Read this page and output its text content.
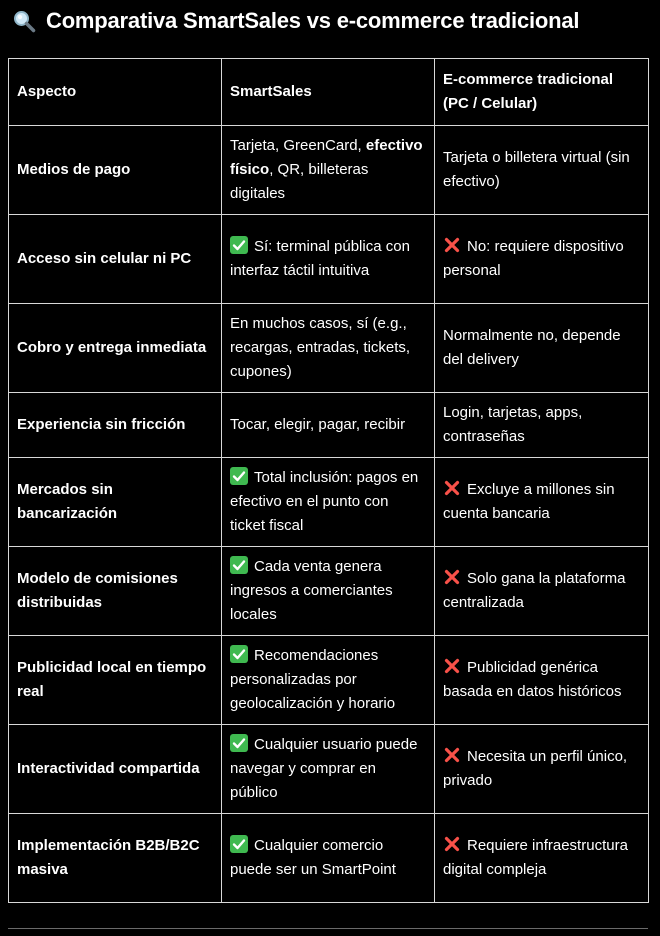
Comparativa SmartSales vs e-commerce tradicional
Aspecto	SmartSales	E-commerce tradicional (PC / Celular)
Medios de pago	Tarjeta, GreenCard, efectivo físico, QR, billeteras digitales	Tarjeta o billetera virtual (sin efectivo)
Acceso sin celular ni PC	Sí: terminal pública con interfaz táctil intuitiva	No: requiere dispositivo personal
Cobro y entrega inmediata	En muchos casos, sí (e.g., recargas, entradas, tickets, cupones)	Normalmente no, depende del delivery
Experiencia sin fricción	Tocar, elegir, pagar, recibir	Login, tarjetas, apps, contraseñas
Mercados sin bancarización	Total inclusión: pagos en efectivo en el punto con ticket fiscal	Excluye a millones sin cuenta bancaria
Modelo de comisiones distribuidas	Cada venta genera ingresos a comerciantes locales	Solo gana la plataforma centralizada
Publicidad local en tiempo real	Recomendaciones personalizadas por geolocalización y horario	Publicidad genérica basada en datos históricos
Interactividad compartida	Cualquier usuario puede navegar y comprar en público	Necesita un perfil único, privado
Implementación B2B/B2C masiva	Cualquier comercio puede ser un SmartPoint	Requiere infraestructura digital compleja
